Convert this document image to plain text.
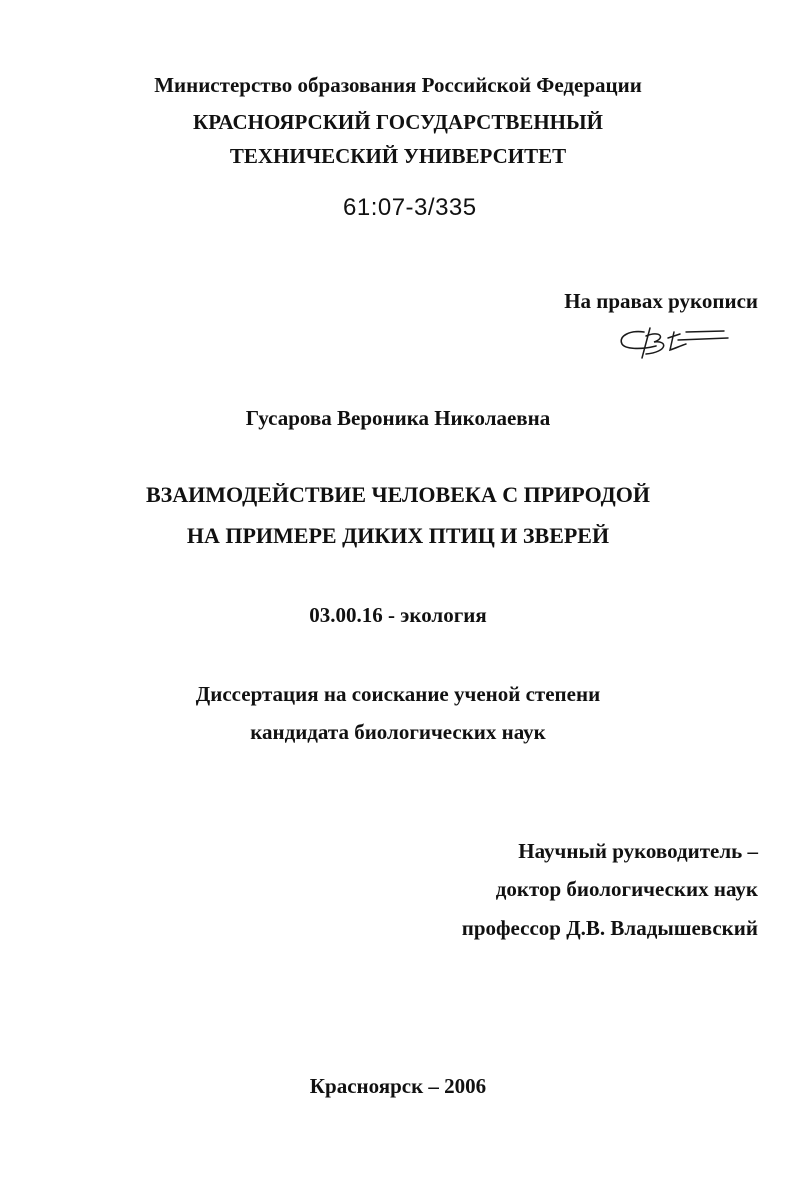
Министерство образования Российской Федерации
КРАСНОЯРСКИЙ ГОСУДАРСТВЕННЫЙ
ТЕХНИЧЕСКИЙ УНИВЕРСИТЕТ
61:07-3/335
На правах рукописи
Гусарова Вероника Николаевна
ВЗАИМОДЕЙСТВИЕ ЧЕЛОВЕКА С ПРИРОДОЙ
НА ПРИМЕРЕ ДИКИХ ПТИЦ И ЗВЕРЕЙ
03.00.16 - экология
Диссертация на соискание ученой степени
кандидата биологических наук
Научный руководитель –
доктор биологических наук
профессор Д.В. Владышевский
Красноярск – 2006
